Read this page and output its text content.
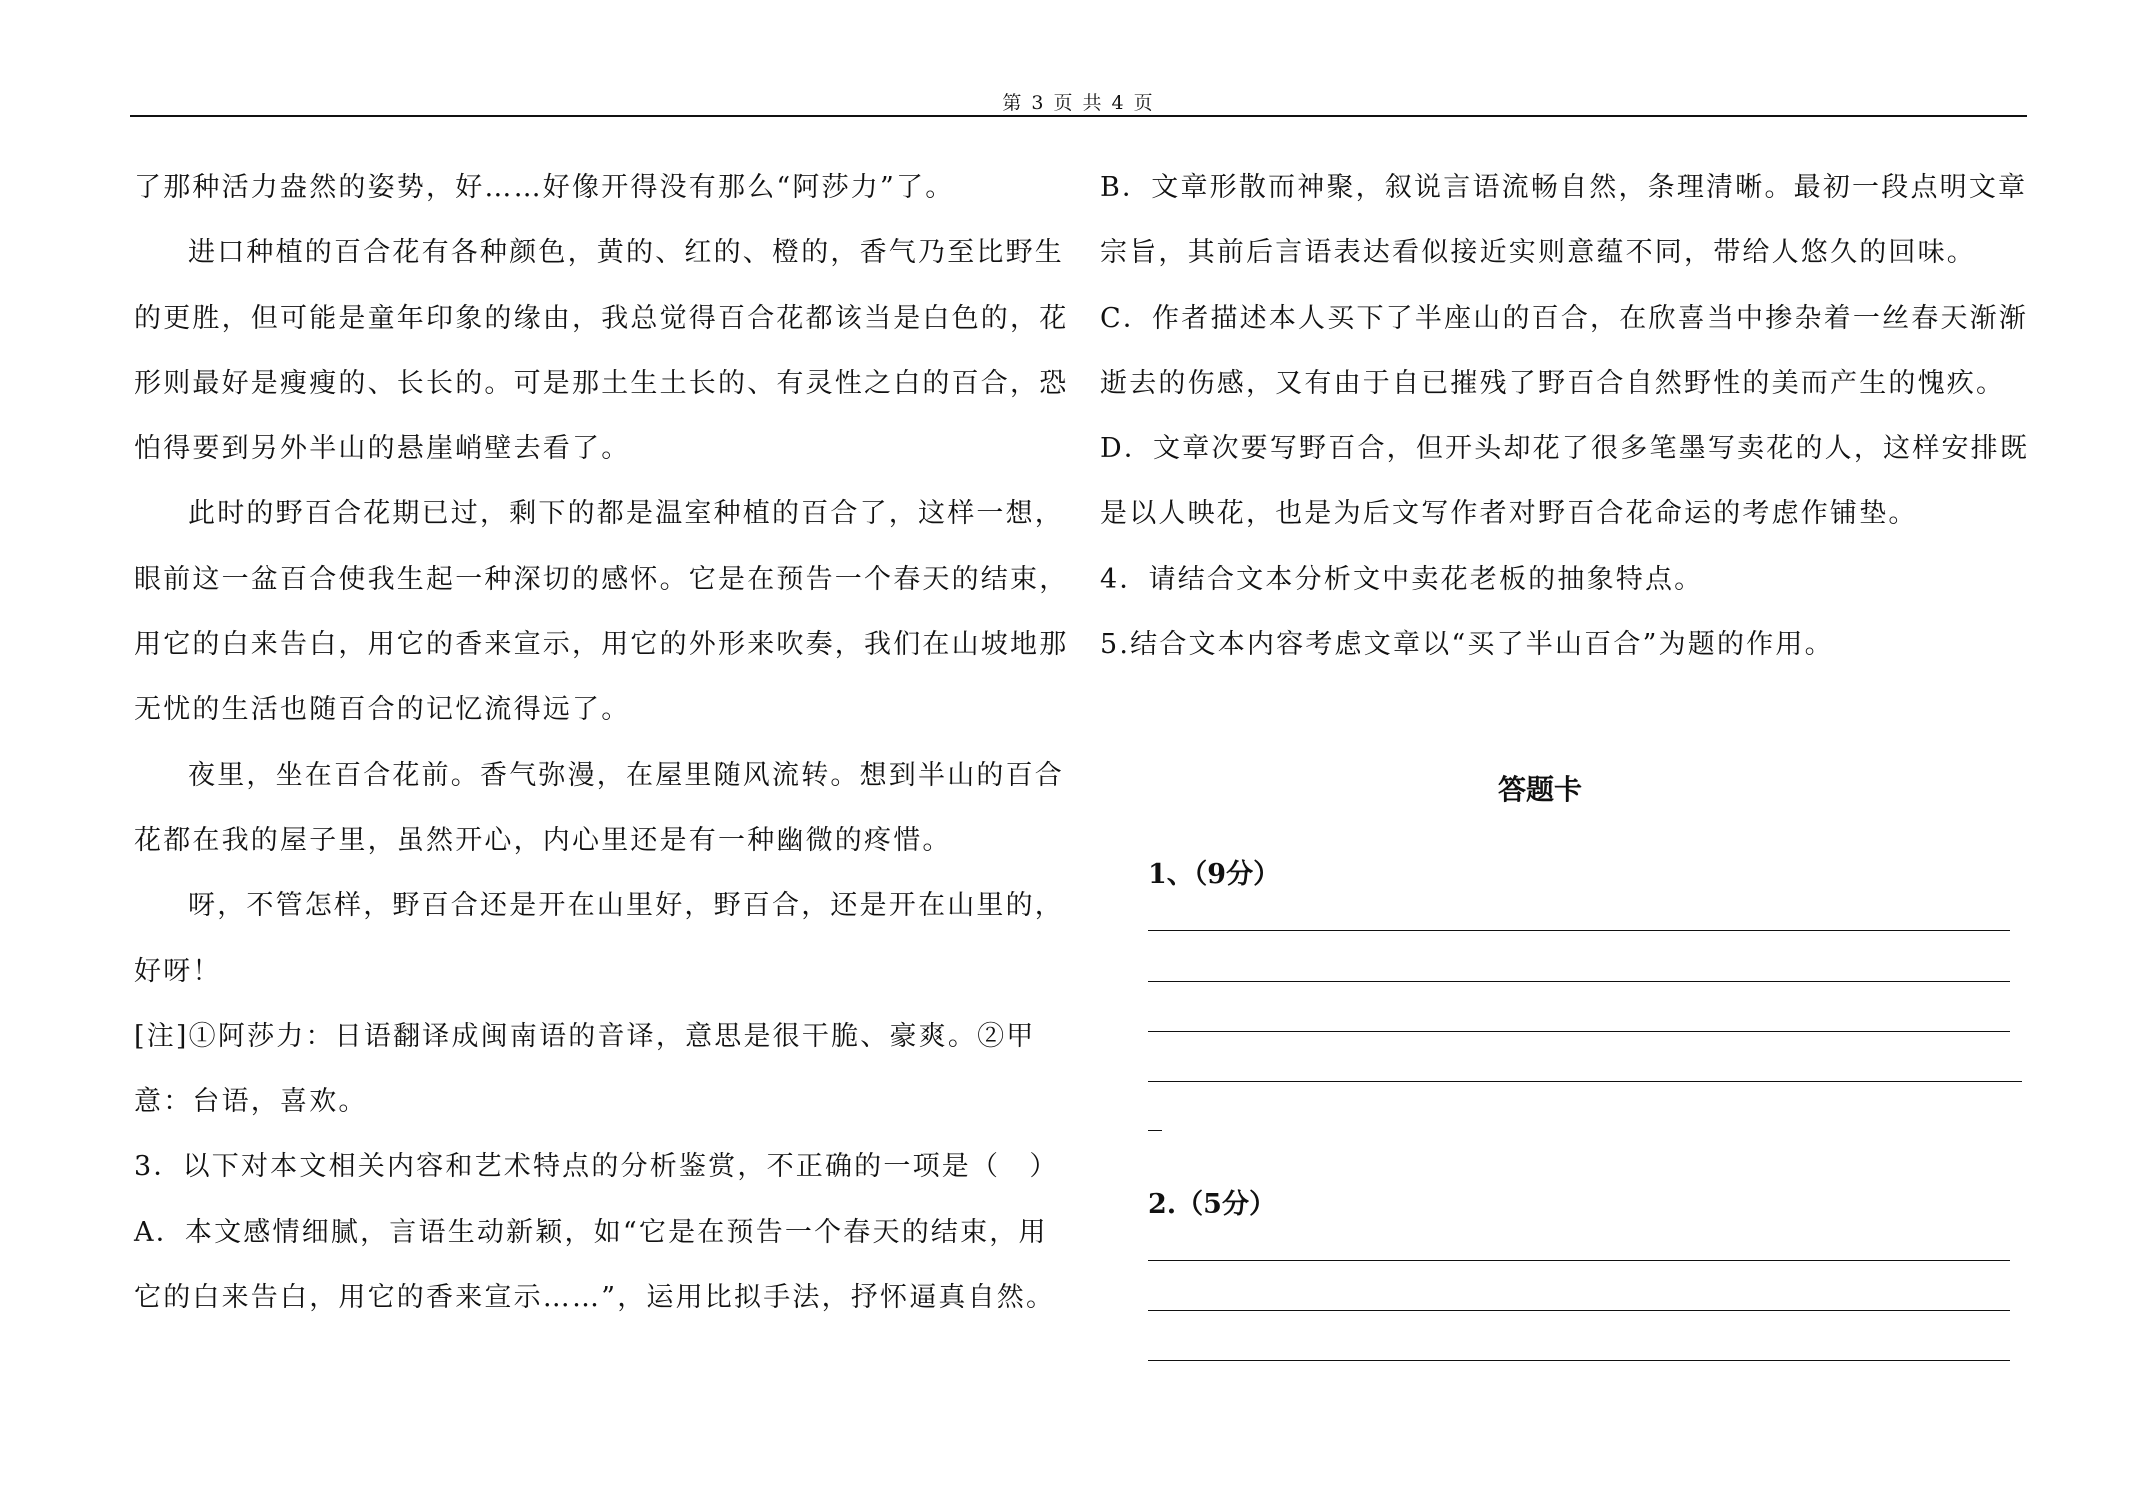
第 3 页 共 4 页

了那种活力盎然的姿势，好……好像开得没有那么“阿莎力”了。

进口种植的百合花有各种颜色，黄的、红的、橙的，香气乃至比野生的更胜，但可能是童年印象的缘由，我总觉得百合花都该当是白色的，花形则最好是瘦瘦的、长长的。可是那土生土长的、有灵性之白的百合，恐怕得要到另外半山的悬崖峭壁去看了。

此时的野百合花期已过，剩下的都是温室种植的百合了，这样一想，眼前这一盆百合使我生起一种深切的感怀。它是在预告一个春天的结束，用它的白来告白，用它的香来宣示，用它的外形来吹奏，我们在山坡地那无忧的生活也随百合的记忆流得远了。

夜里，坐在百合花前。香气弥漫，在屋里随风流转。想到半山的百合花都在我的屋子里，虽然开心，内心里还是有一种幽微的疼惜。

呀，不管怎样，野百合还是开在山里好，野百合，还是开在山里的，好呀！

[注]①阿莎力：日语翻译成闽南语的音译，意思是很干脆、豪爽。②甲意：台语，喜欢。

3．以下对本文相关内容和艺术特点的分析鉴赏，不正确的一项是（　）

A．本文感情细腻，言语生动新颖，如“它是在预告一个春天的结束，用它的白来告白，用它的香来宣示……”，运用比拟手法，抒怀逼真自然。

B．文章形散而神聚，叙说言语流畅自然，条理清晰。最初一段点明文章宗旨，其前后言语表达看似接近实则意蕴不同，带给人悠久的回味。

C．作者描述本人买下了半座山的百合，在欣喜当中掺杂着一丝春天渐渐逝去的伤感，又有由于自已摧残了野百合自然野性的美而产生的愧疚。

D．文章次要写野百合，但开头却花了很多笔墨写卖花的人，这样安排既是以人映花，也是为后文写作者对野百合花命运的考虑作铺垫。

4．请结合文本分析文中卖花老板的抽象特点。

5.结合文本内容考虑文章以“买了半山百合”为题的作用。

答题卡
1、（9分）
2.（5分）
